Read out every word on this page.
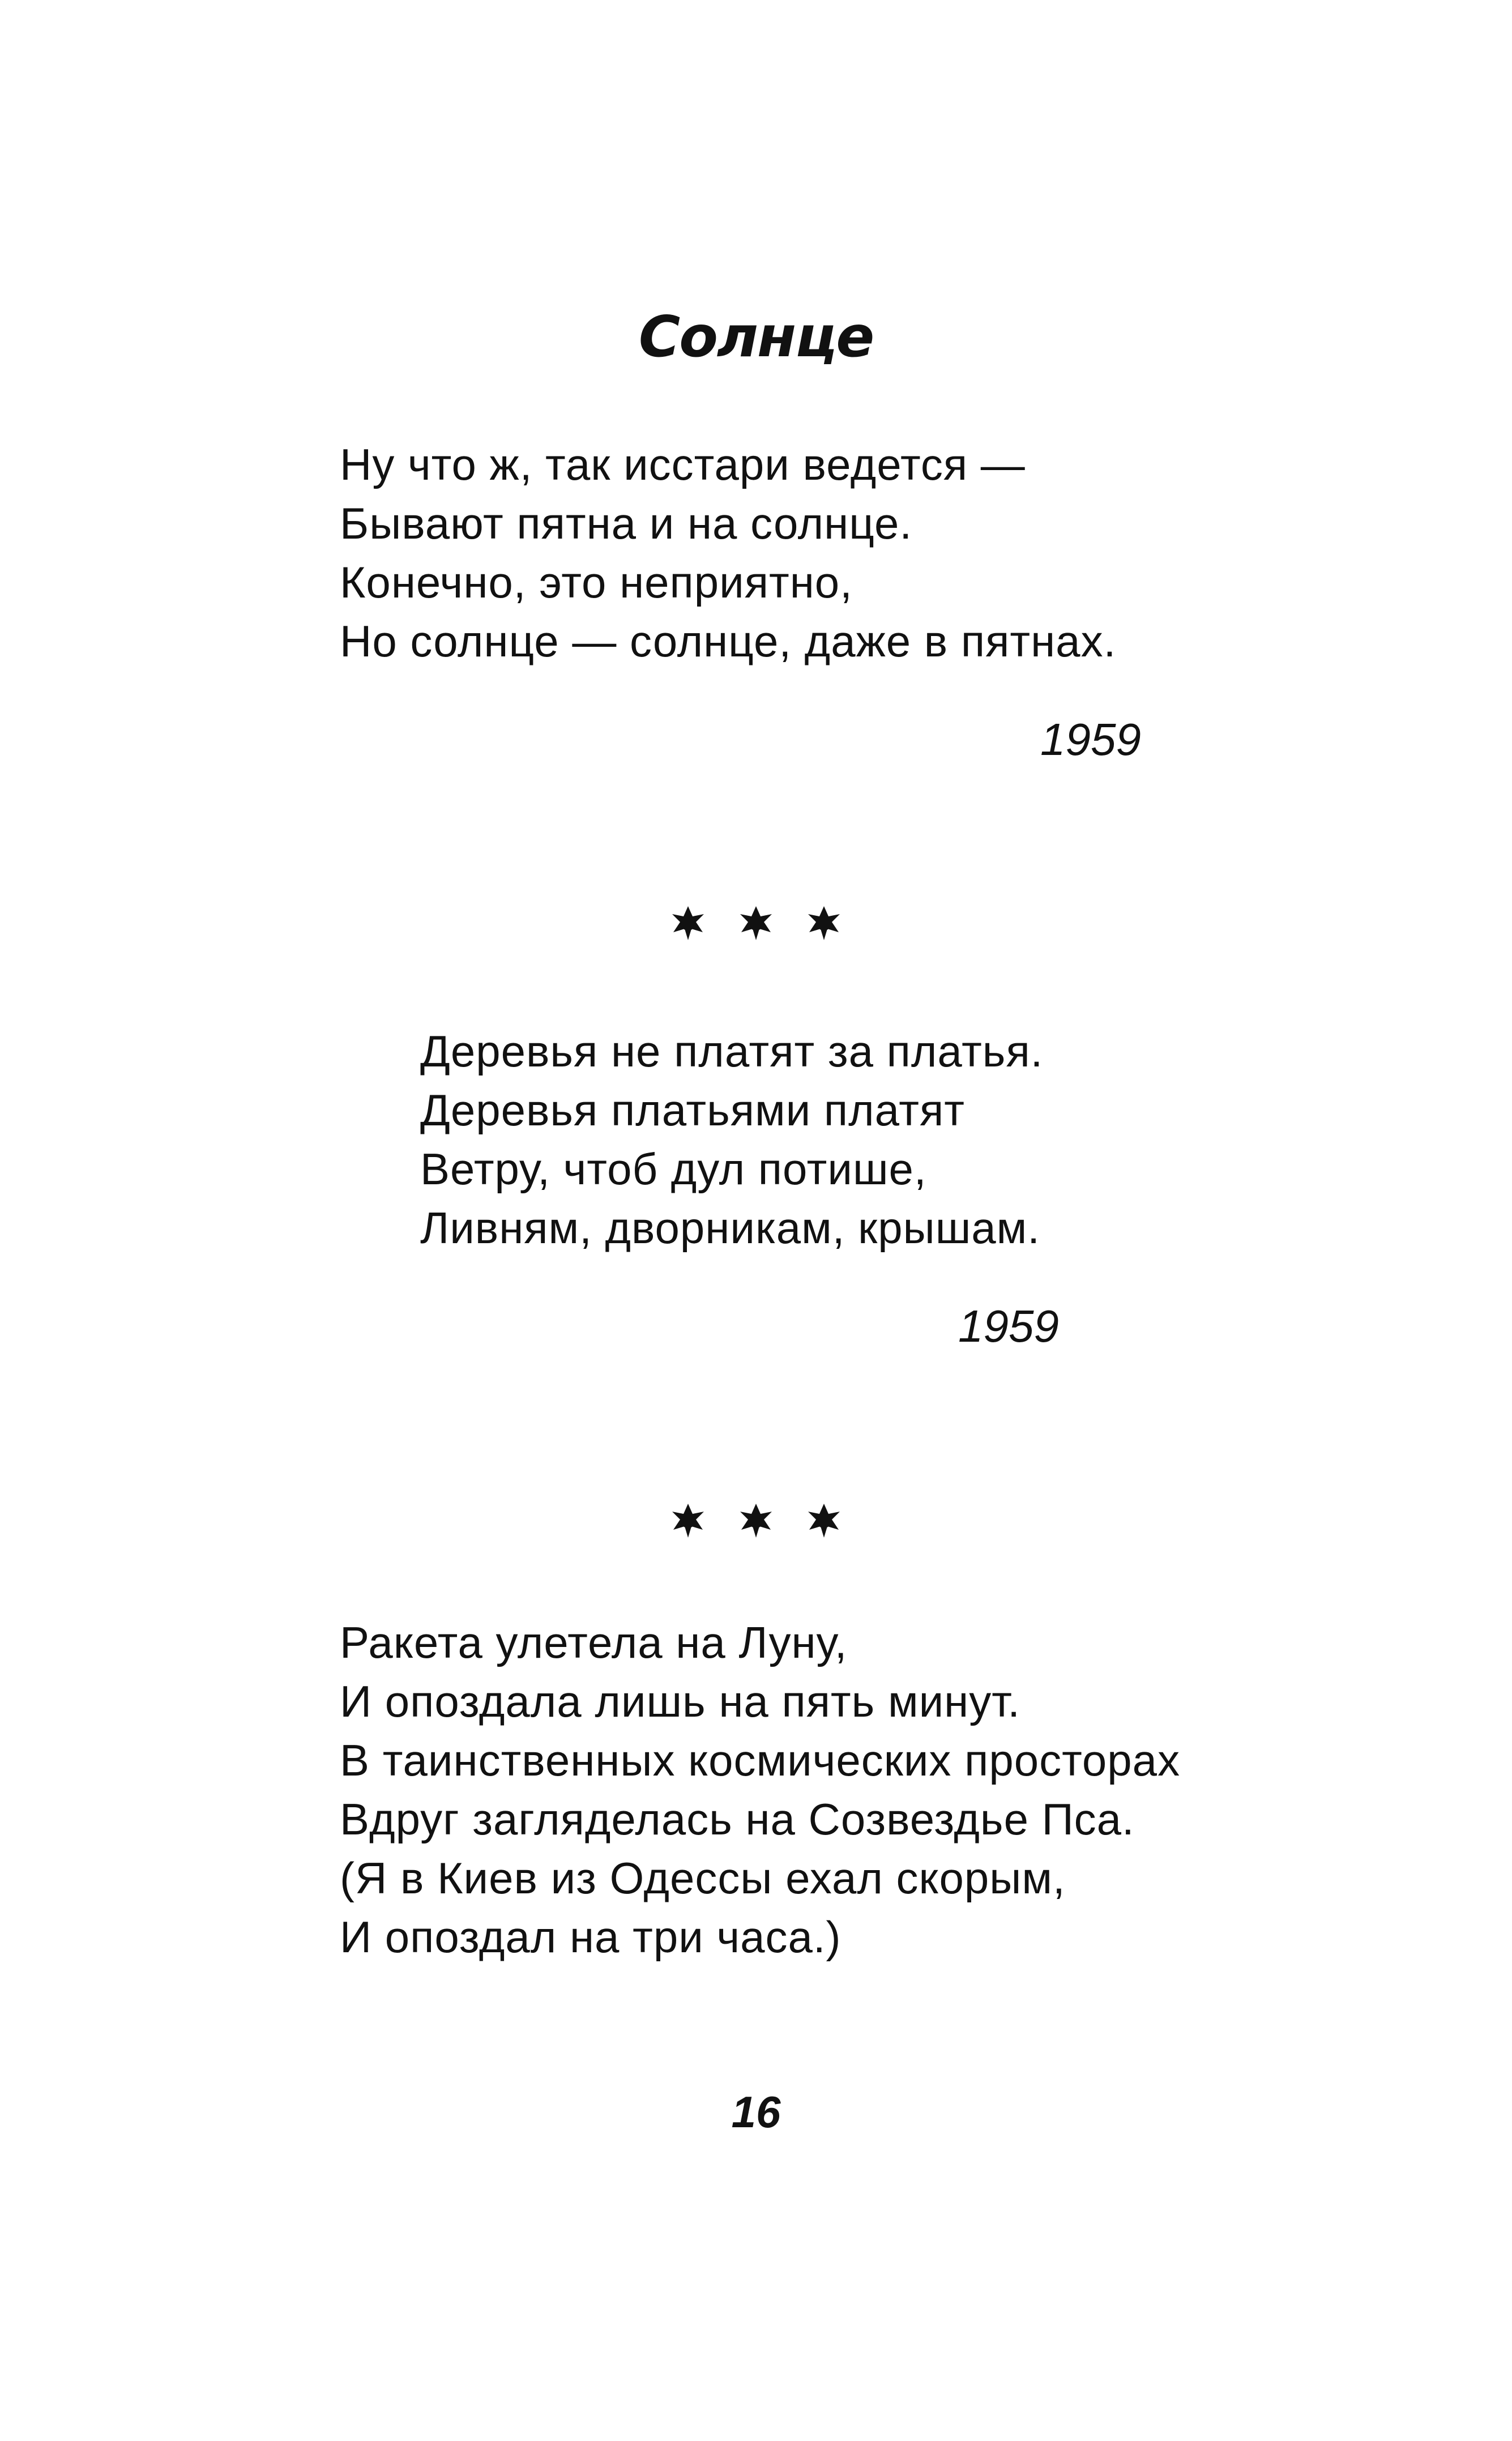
Солнце
Ну что ж, так исстари ведется —
Бывают пятна и на солнце.
Конечно, это неприятно,
Но солнце — солнце, даже в пятнах.
1959
Деревья не платят за платья.
Деревья платьями платят
Ветру, чтоб дул потише,
Ливням, дворникам, крышам.
1959
Ракета улетела на Луну,
И опоздала лишь на пять минут.
В таинственных космических просторах
Вдруг загляделась на Созвездье Пса.
(Я в Киев из Одессы ехал скорым,
И опоздал на три часа.)
16
